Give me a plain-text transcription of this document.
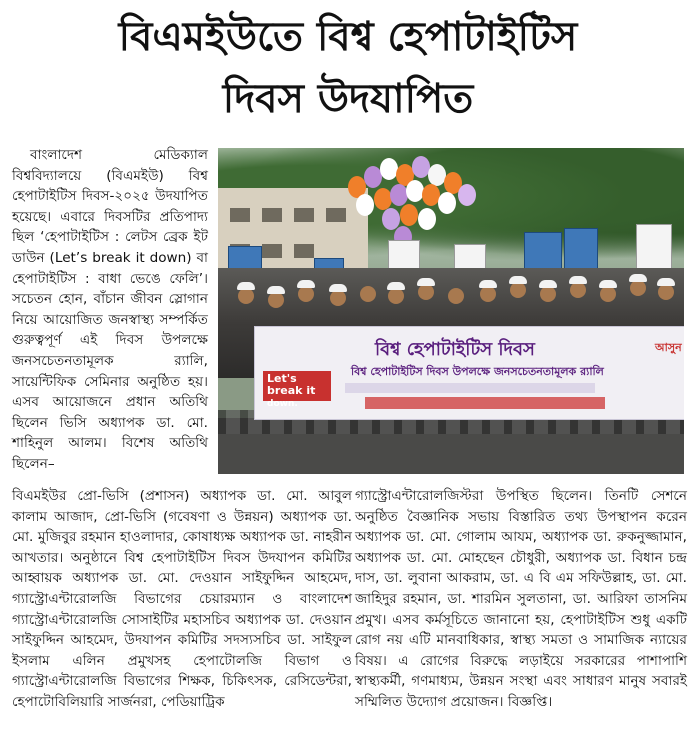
বিএমইউতে বিশ্ব হেপাটাইটিস
দিবস উদযাপিত

বাংলাদেশ মেডিক্যাল বিশ্ববিদ্যালয়ে (বিএমইউ) বিশ্ব হেপাটাইটিস দিবস-২০২৫ উদযাপিত হয়েছে। এবারে দিবসটির প্রতিপাদ্য ছিল ‘হেপাটাইটিস : লেটস ব্রেক ইট ডাউন (Let’s break it down) বা হেপাটাইটিস : বাধা ভেঙে ফেলি’। সচেতন হোন, বাঁচান জীবন স্লোগান নিয়ে আয়োজিত জনস্বাস্থ্য সম্পর্কিত গুরুত্বপূর্ণ এই দিবস উপলক্ষে জনসচেতনতামূলক র‍্যালি, সায়েন্টিফিক সেমিনার অনুষ্ঠিত হয়। এসব আয়োজনে প্রধান অতিথি ছিলেন ভিসি অধ্যাপক ডা. মো. শাহিনুল আলম। বিশেষ অতিথি ছিলেন–

Let's
break it
down.
বিশ্ব হেপাটাইটিস দিবস
বিশ্ব হেপাটাইটিস দিবস উপলক্ষে জনসচেতনতামূলক র‍্যালি
আসুন

বিএমইউর প্রো-ভিসি (প্রশাসন) অধ্যাপক ডা. মো. আবুল কালাম আজাদ, প্রো-ভিসি (গবেষণা ও উন্নয়ন) অধ্যাপক ডা. মো. মুজিবুর রহমান হাওলাদার, কোষাধ্যক্ষ অধ্যাপক ডা. নাহরীন আখতার। অনুষ্ঠানে বিশ্ব হেপাটাইটিস দিবস উদযাপন কমিটির আহ্বায়ক অধ্যাপক ডা. মো. দেওয়ান সাইফুদ্দিন আহমেদ, গ্যাস্ট্রোএন্টারোলজি বিভাগের চেয়ারম্যান ও বাংলাদেশ গ্যাস্ট্রোএন্টারোলজি সোসাইটির মহাসচিব অধ্যাপক ডা. দেওয়ান সাইফুদ্দিন আহমেদ, উদযাপন কমিটির সদস্যসচিব ডা. সাইফুল ইসলাম এলিন প্রমুখসহ হেপাটোলজি বিভাগ ও গ্যাস্ট্রোএন্টারোলজি বিভাগের শিক্ষক, চিকিৎসক, রেসিডেন্টরা, হেপাটোবিলিয়ারি সার্জনরা, পেডিয়াট্রিক

গ্যাস্ট্রোএন্টারোলজিস্টরা উপস্থিত ছিলেন। তিনটি সেশনে অনুষ্ঠিত বৈজ্ঞানিক সভায় বিস্তারিত তথ্য উপস্থাপন করেন অধ্যাপক ডা. মো. গোলাম আযম, অধ্যাপক ডা. রুকনুজ্জামান, অধ্যাপক ডা. মো. মোহছেন চৌধুরী, অধ্যাপক ডা. বিধান চন্দ্র দাস, ডা. লুবানা আকরাম, ডা. এ বি এম সফিউল্লাহ, ডা. মো. জাহিদুর রহমান, ডা. শারমিন সুলতানা, ডা. আরিফা তাসনিম প্রমুখ। এসব কর্মসূচিতে জানানো হয়, হেপাটাইটিস শুধু একটি রোগ নয় এটি মানবাধিকার, স্বাস্থ্য সমতা ও সামাজিক ন্যায়ের বিষয়। এ রোগের বিরুদ্ধে লড়াইয়ে সরকারের পাশাপাশি স্বাস্থ্যকর্মী, গণমাধ্যম, উন্নয়ন সংস্থা এবং সাধারণ মানুষ সবারই সম্মিলিত উদ্যোগ প্রয়োজন। বিজ্ঞপ্তি।
